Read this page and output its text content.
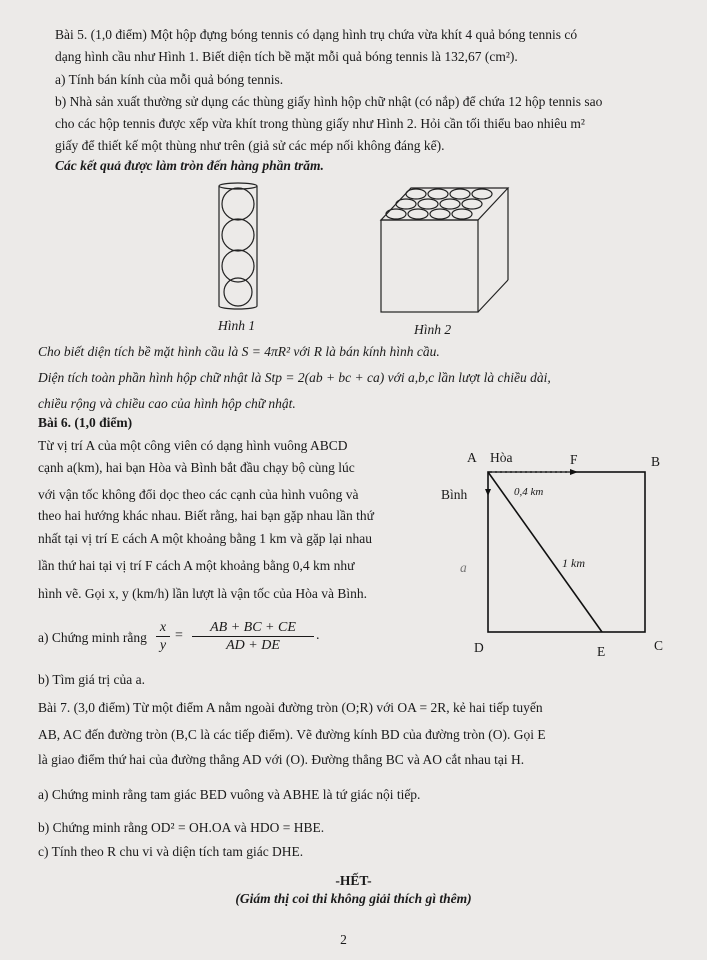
Bài 5. (1,0 điểm) Một hộp đựng bóng tennis có dạng hình trụ chứa vừa khít 4 quả bóng tennis có
dạng hình cầu như Hình 1. Biết diện tích bề mặt mỗi quả bóng tennis là 132,67 (cm²).
a) Tính bán kính của mỗi quả bóng tennis.
b) Nhà sản xuất thường sử dụng các thùng giấy hình hộp chữ nhật (có nắp) để chứa 12 hộp tennis sao
cho các hộp tennis được xếp vừa khít trong thùng giấy như Hình 2. Hỏi cần tối thiểu bao nhiêu m²
giấy để thiết kế một thùng như trên (giả sử các mép nối không đáng kể).
Các kết quả được làm tròn đến hàng phần trăm.
Hình 1	Hình 2
Cho biết diện tích bề mặt hình cầu là S = 4πR² với R là bán kính hình cầu.
Diện tích toàn phần hình hộp chữ nhật là Stp = 2(ab + bc + ca) với a,b,c lần lượt là chiều dài,
chiều rộng và chiều cao của hình hộp chữ nhật.
Bài 6. (1,0 điểm)
Từ vị trí A của một công viên có dạng hình vuông ABCD
cạnh a(km), hai bạn Hòa và Bình bắt đầu chạy bộ cùng lúc
với vận tốc không đổi dọc theo các cạnh của hình vuông và
theo hai hướng khác nhau. Biết rằng, hai bạn gặp nhau lần thứ
nhất tại vị trí E cách A một khoảng bằng 1 km và gặp lại nhau
lần thứ hai tại vị trí F cách A một khoảng bằng 0,4 km như
hình vẽ. Gọi x, y (km/h) lần lượt là vận tốc của Hòa và Bình.
a) Chứng minh rằng $\frac{x}{y} = \frac{AB + BC + CE}{AD + DE}$ .
b) Tìm giá trị của a.
A Hòa	F	B
Bình	0,4 km
a	1 km
D	E	C
Bài 7. (3,0 điểm) Từ một điểm A nằm ngoài đường tròn (O;R) với OA = 2R, kẻ hai tiếp tuyến
AB, AC đến đường tròn (B,C là các tiếp điểm). Vẽ đường kính BD của đường tròn (O). Gọi E
là giao điểm thứ hai của đường thẳng AD với (O). Đường thẳng BC và AO cắt nhau tại H.
a) Chứng minh rằng tam giác BED vuông và ABHE là tứ giác nội tiếp.
b) Chứng minh rằng OD² = OH.OA và HDO = HBE.
c) Tính theo R chu vi và diện tích tam giác DHE.
-HẾT-
(Giám thị coi thi không giải thích gì thêm)
2
